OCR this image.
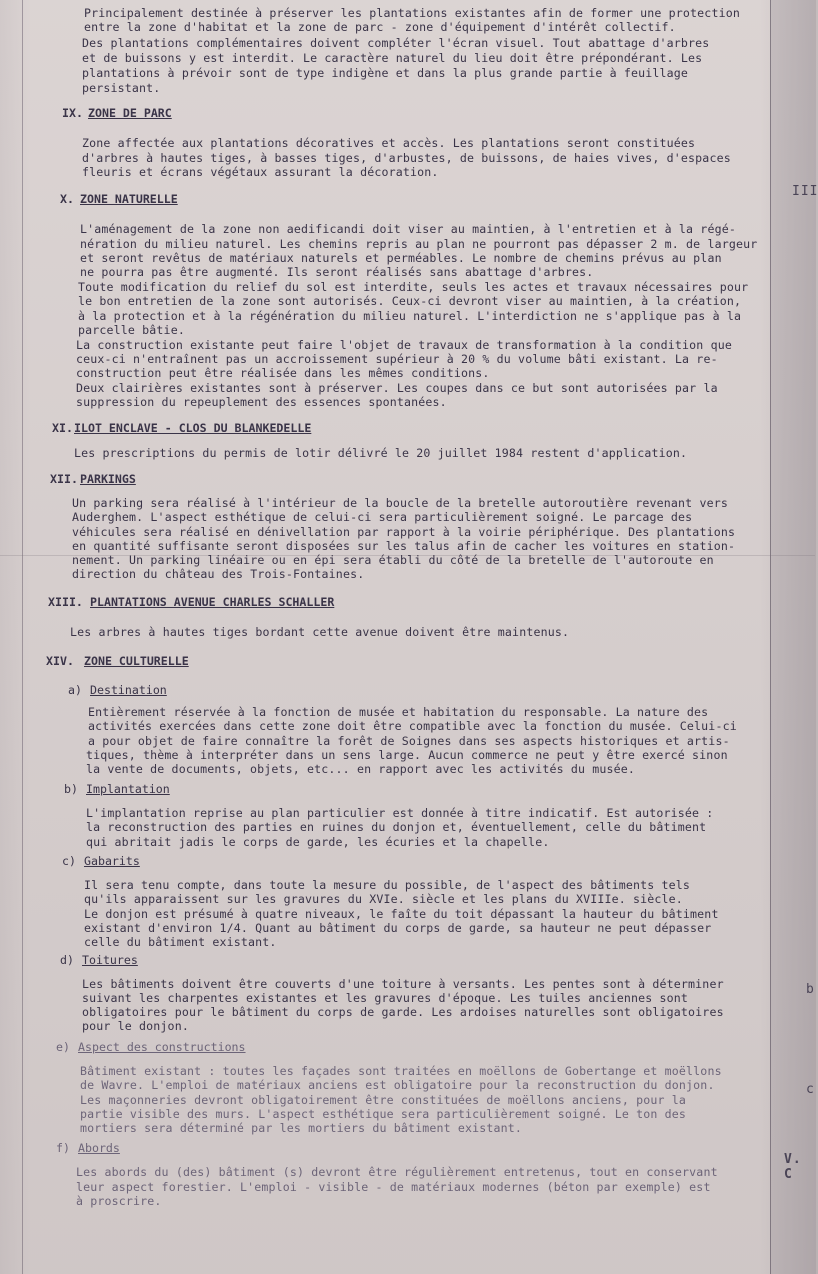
III
b
c
V. C
Principalement destinée à préserver les plantations existantes afin de former une protection
entre la zone d'habitat et la zone de parc - zone d'équipement d'intérêt collectif.
Des plantations complémentaires doivent compléter l'écran visuel. Tout abattage d'arbres
et de buissons y est interdit. Le caractère naturel du lieu doit être prépondérant. Les
plantations à prévoir sont de type indigène et dans la plus grande partie à feuillage
persistant.
IX. ZONE DE PARC
Zone affectée aux plantations décoratives et accès. Les plantations seront constituées
d'arbres à hautes tiges, à basses tiges, d'arbustes, de buissons, de haies vives, d'espaces
fleuris et écrans végétaux assurant la décoration.
X. ZONE NATURELLE
L'aménagement de la zone non aedificandi doit viser au maintien, à l'entretien et à la régé-
nération du milieu naturel. Les chemins repris au plan ne pourront pas dépasser 2 m. de largeur
et seront revêtus de matériaux naturels et perméables. Le nombre de chemins prévus au plan
ne pourra pas être augmenté. Ils seront réalisés sans abattage d'arbres.
Toute modification du relief du sol est interdite, seuls les actes et travaux nécessaires pour
le bon entretien de la zone sont autorisés. Ceux-ci devront viser au maintien, à la création,
à la protection et à la régénération du milieu naturel. L'interdiction ne s'applique pas à la
parcelle bâtie.
La construction existante peut faire l'objet de travaux de transformation à la condition que
ceux-ci n'entraînent pas un accroissement supérieur à 20 % du volume bâti existant. La re-
construction peut être réalisée dans les mêmes conditions.
Deux clairières existantes sont à préserver. Les coupes dans ce but sont autorisées par la
suppression du repeuplement des essences spontanées.
XI. ILOT ENCLAVE - CLOS DU BLANKEDELLE
Les prescriptions du permis de lotir délivré le 20 juillet 1984 restent d'application.
XII. PARKINGS
Un parking sera réalisé à l'intérieur de la boucle de la bretelle autoroutière revenant vers
Auderghem. L'aspect esthétique de celui-ci sera particulièrement soigné. Le parcage des
véhicules sera réalisé en dénivellation par rapport à la voirie périphérique. Des plantations
en quantité suffisante seront disposées sur les talus afin de cacher les voitures en station-
nement. Un parking linéaire ou en épi sera établi du côté de la bretelle de l'autoroute en
direction du château des Trois-Fontaines.
XIII. PLANTATIONS AVENUE CHARLES SCHALLER
Les arbres à hautes tiges bordant cette avenue doivent être maintenus.
XIV. ZONE CULTURELLE
a) Destination
Entièrement réservée à la fonction de musée et habitation du responsable. La nature des
activités exercées dans cette zone doit être compatible avec la fonction du musée. Celui-ci
a pour objet de faire connaître la forêt de Soignes dans ses aspects historiques et artis-
tiques, thème à interpréter dans un sens large. Aucun commerce ne peut y être exercé sinon
la vente de documents, objets, etc... en rapport avec les activités du musée.
b) Implantation
L'implantation reprise au plan particulier est donnée à titre indicatif. Est autorisée :
la reconstruction des parties en ruines du donjon et, éventuellement, celle du bâtiment
qui abritait jadis le corps de garde, les écuries et la chapelle.
c) Gabarits
Il sera tenu compte, dans toute la mesure du possible, de l'aspect des bâtiments tels
qu'ils apparaissent sur les gravures du XVIe. siècle et les plans du XVIIIe. siècle.
Le donjon est présumé à quatre niveaux, le faîte du toit dépassant la hauteur du bâtiment
existant d'environ 1/4. Quant au bâtiment du corps de garde, sa hauteur ne peut dépasser
celle du bâtiment existant.
d) Toitures
Les bâtiments doivent être couverts d'une toiture à versants. Les pentes sont à déterminer
suivant les charpentes existantes et les gravures d'époque. Les tuiles anciennes sont
obligatoires pour le bâtiment du corps de garde. Les ardoises naturelles sont obligatoires
pour le donjon.
e) Aspect des constructions
Bâtiment existant : toutes les façades sont traitées en moëllons de Gobertange et moëllons
de Wavre. L'emploi de matériaux anciens est obligatoire pour la reconstruction du donjon.
Les maçonneries devront obligatoirement être constituées de moëllons anciens, pour la
partie visible des murs. L'aspect esthétique sera particulièrement soigné. Le ton des
mortiers sera déterminé par les mortiers du bâtiment existant.
f) Abords
Les abords du (des) bâtiment (s) devront être régulièrement entretenus, tout en conservant
leur aspect forestier. L'emploi - visible - de matériaux modernes (béton par exemple) est
à proscrire.
